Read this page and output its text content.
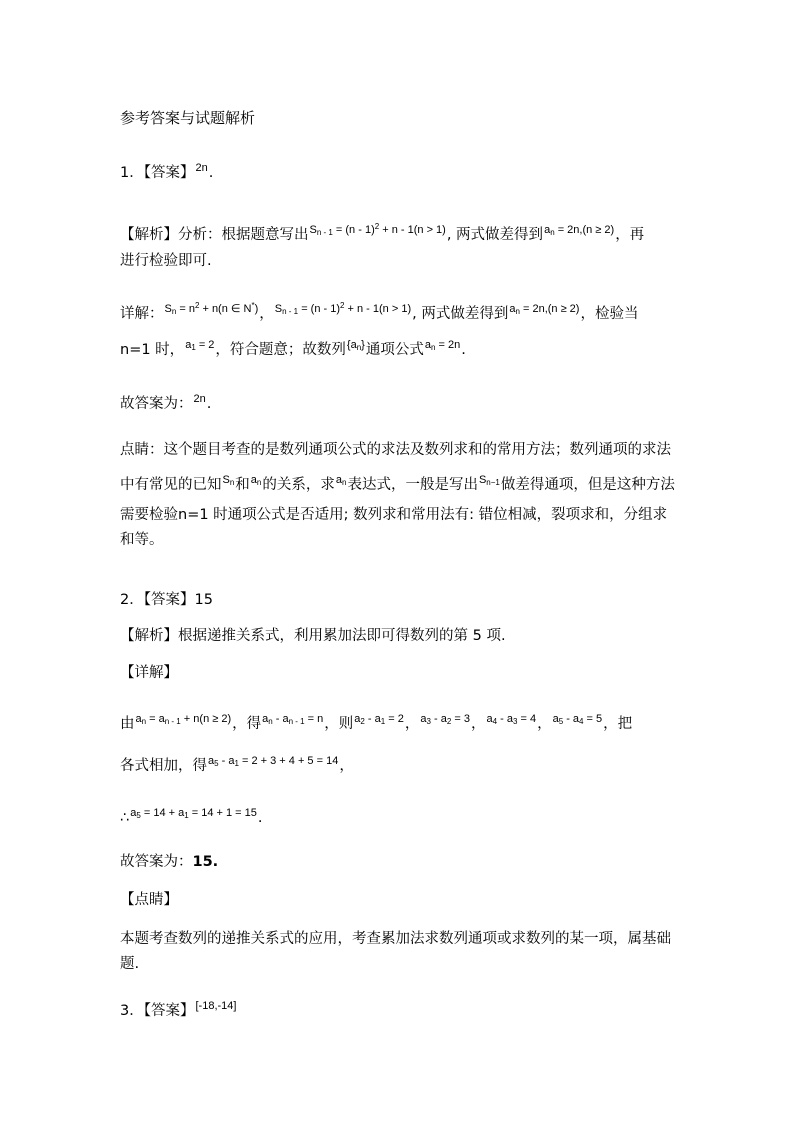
参考答案与试题解析
1．【答案】$^{2n}$.
【解析】分析：根据题意写出$^{S_{n - 1} = (n - 1)^2 + n - 1(n > 1)}$, 两式做差得到$^{a_n = 2n,(n \ge 2)}$，再
进行检验即可.
详解：$^{S_n = n^2 + n(n \in N^*)}$，$^{S_{n - 1} = (n - 1)^2 + n - 1(n > 1)}$, 两式做差得到$^{a_n = 2n,(n \ge 2)}$，检验当
n=1 时，$^{a_1 = 2}$，符合题意；故数列$^{\{a_n\}}$通项公式$^{a_n = 2n}$.
故答案为：$^{2n}$.
点睛：这个题目考查的是数列通项公式的求法及数列求和的常用方法；数列通项的求法
中有常见的已知$^{S_n}$和$^{a_n}$的关系，求$^{a_n}$表达式，一般是写出$^{S_{n-1}}$做差得通项，但是这种方法
需要检验n=1 时通项公式是否适用; 数列求和常用法有: 错位相减，裂项求和，分组求
和等。
2．【答案】15
【解析】根据递推关系式，利用累加法即可得数列的第 5 项.
【详解】
由$^{a_n = a_{n - 1} + n(n \ge 2)}$，得$^{a_n - a_{n - 1} = n}$，则$^{a_2 - a_1 = 2}$，$^{a_3 - a_2 = 3}$，$^{a_4 - a_3 = 4}$，$^{a_5 - a_4 = 5}$，把
各式相加，得$^{a_5 - a_1 = 2 + 3 + 4 + 5 = 14}$，
∴$^{a_5 = 14 + a_1 = 14 + 1 = 15}$.
故答案为：15.
【点睛】
本题考查数列的递推关系式的应用，考查累加法求数列通项或求数列的某一项，属基础
题.
3．【答案】[-18,-14]
